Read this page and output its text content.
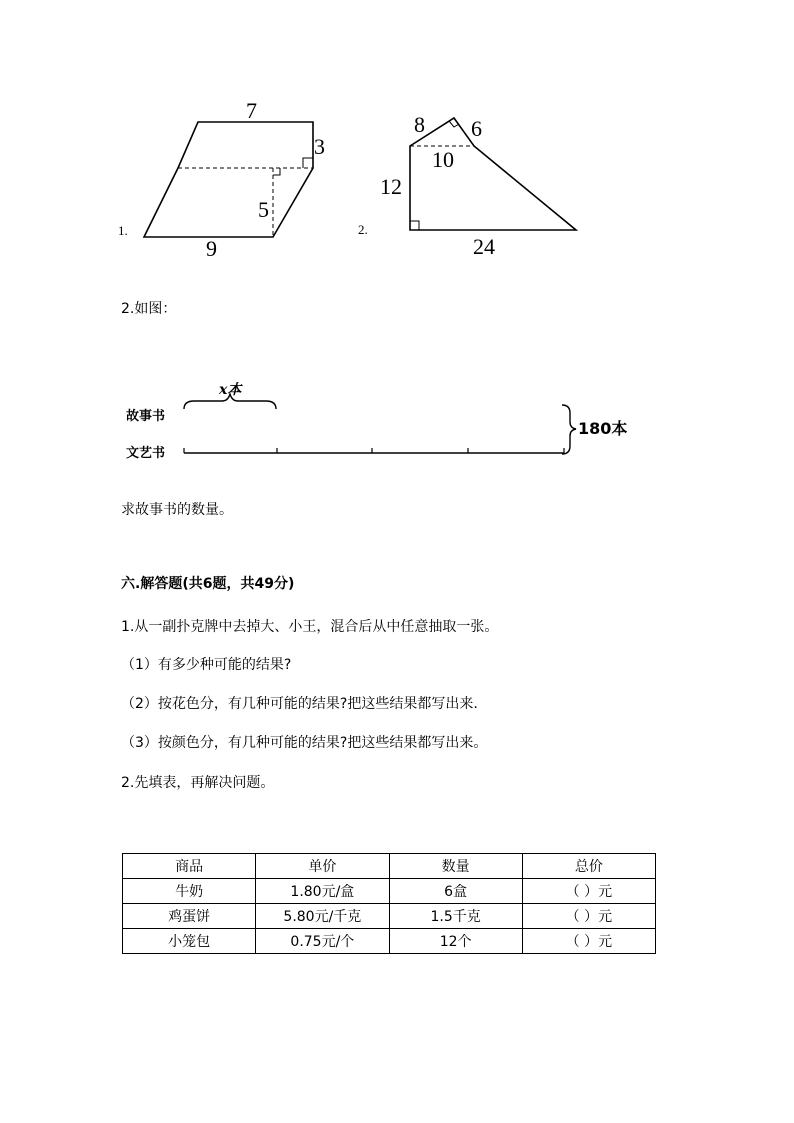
1.
7
3
5
9
2.
8 6
10
12
24
2.如图：
x本
故事书
文艺书
180本
求故事书的数量。
六.解答题(共6题，共49分)
1.从一副扑克牌中去掉大、小王，混合后从中任意抽取一张。
（1）有多少种可能的结果?
（2）按花色分，有几种可能的结果?把这些结果都写出来.
（3）按颜色分，有几种可能的结果?把这些结果都写出来。
2.先填表，再解决问题。
商品	单价	数量	总价
牛奶	1.80元/盒	6盒	（ ）元
鸡蛋饼	5.80元/千克	1.5千克	（ ）元
小笼包	0.75元/个	12个	（ ）元
